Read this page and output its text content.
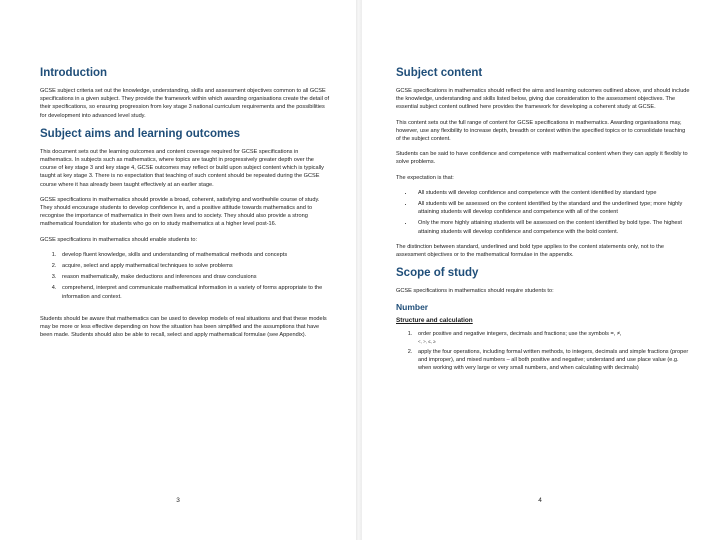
Introduction

GCSE subject criteria set out the knowledge, understanding, skills and assessment objectives common to all GCSE specifications in a given subject. They provide the framework within which awarding organisations create the detail of their specifications, so ensuring progression from key stage 3 national curriculum requirements and the possibilities for development into advanced level study.

Subject aims and learning outcomes

This document sets out the learning outcomes and content coverage required for GCSE specifications in mathematics. In subjects such as mathematics, where topics are taught in progressively greater depth over the course of key stage 3 and key stage 4, GCSE outcomes may reflect or build upon subject content which is typically taught at key stage 3. There is no expectation that teaching of such content should be repeated during the GCSE course where it has already been taught effectively at an earlier stage.

GCSE specifications in mathematics should provide a broad, coherent, satisfying and worthwhile course of study. They should encourage students to develop confidence in, and a positive attitude towards mathematics and to recognise the importance of mathematics in their own lives and to society. They should also provide a strong mathematical foundation for students who go on to study mathematics at a higher level post-16.

GCSE specifications in mathematics should enable students to:

1. develop fluent knowledge, skills and understanding of mathematical methods and concepts
2. acquire, select and apply mathematical techniques to solve problems
3. reason mathematically, make deductions and inferences and draw conclusions
4. comprehend, interpret and communicate mathematical information in a variety of forms appropriate to the information and context.

Students should be aware that mathematics can be used to develop models of real situations and that these models may be more or less effective depending on how the situation has been simplified and the assumptions that have been made. Students should also be able to recall, select and apply mathematical formulae (see Appendix).

3
Subject content

GCSE specifications in mathematics should reflect the aims and learning outcomes outlined above, and should include the knowledge, understanding and skills listed below, giving due consideration to the assessment objectives. The essential subject content outlined here provides the framework for developing a coherent study at GCSE.

This content sets out the full range of content for GCSE specifications in mathematics. Awarding organisations may, however, use any flexibility to increase depth, breadth or context within the specified topics or to consolidate teaching of the subject content.

Students can be said to have confidence and competence with mathematical content when they can apply it flexibly to solve problems.

The expectation is that:

• All students will develop confidence and competence with the content identified by standard type
• All students will be assessed on the content identified by the standard and the underlined type; more highly attaining students will develop confidence and competence with all of the content
• Only the more highly attaining students will be assessed on the content identified by bold type. The highest attaining students will develop confidence and competence with the bold content.

The distinction between standard, underlined and bold type applies to the content statements only, not to the assessment objectives or to the mathematical formulae in the appendix.

Scope of study

GCSE specifications in mathematics should require students to:

Number
Structure and calculation
1. order positive and negative integers, decimals and fractions; use the symbols =, ≠,
<, >, ≤, ≥
2. apply the four operations, including formal written methods, to integers, decimals and simple fractions (proper and improper), and mixed numbers – all both positive and negative; understand and use place value (e.g. when working with very large or very small numbers, and when calculating with decimals)
4
